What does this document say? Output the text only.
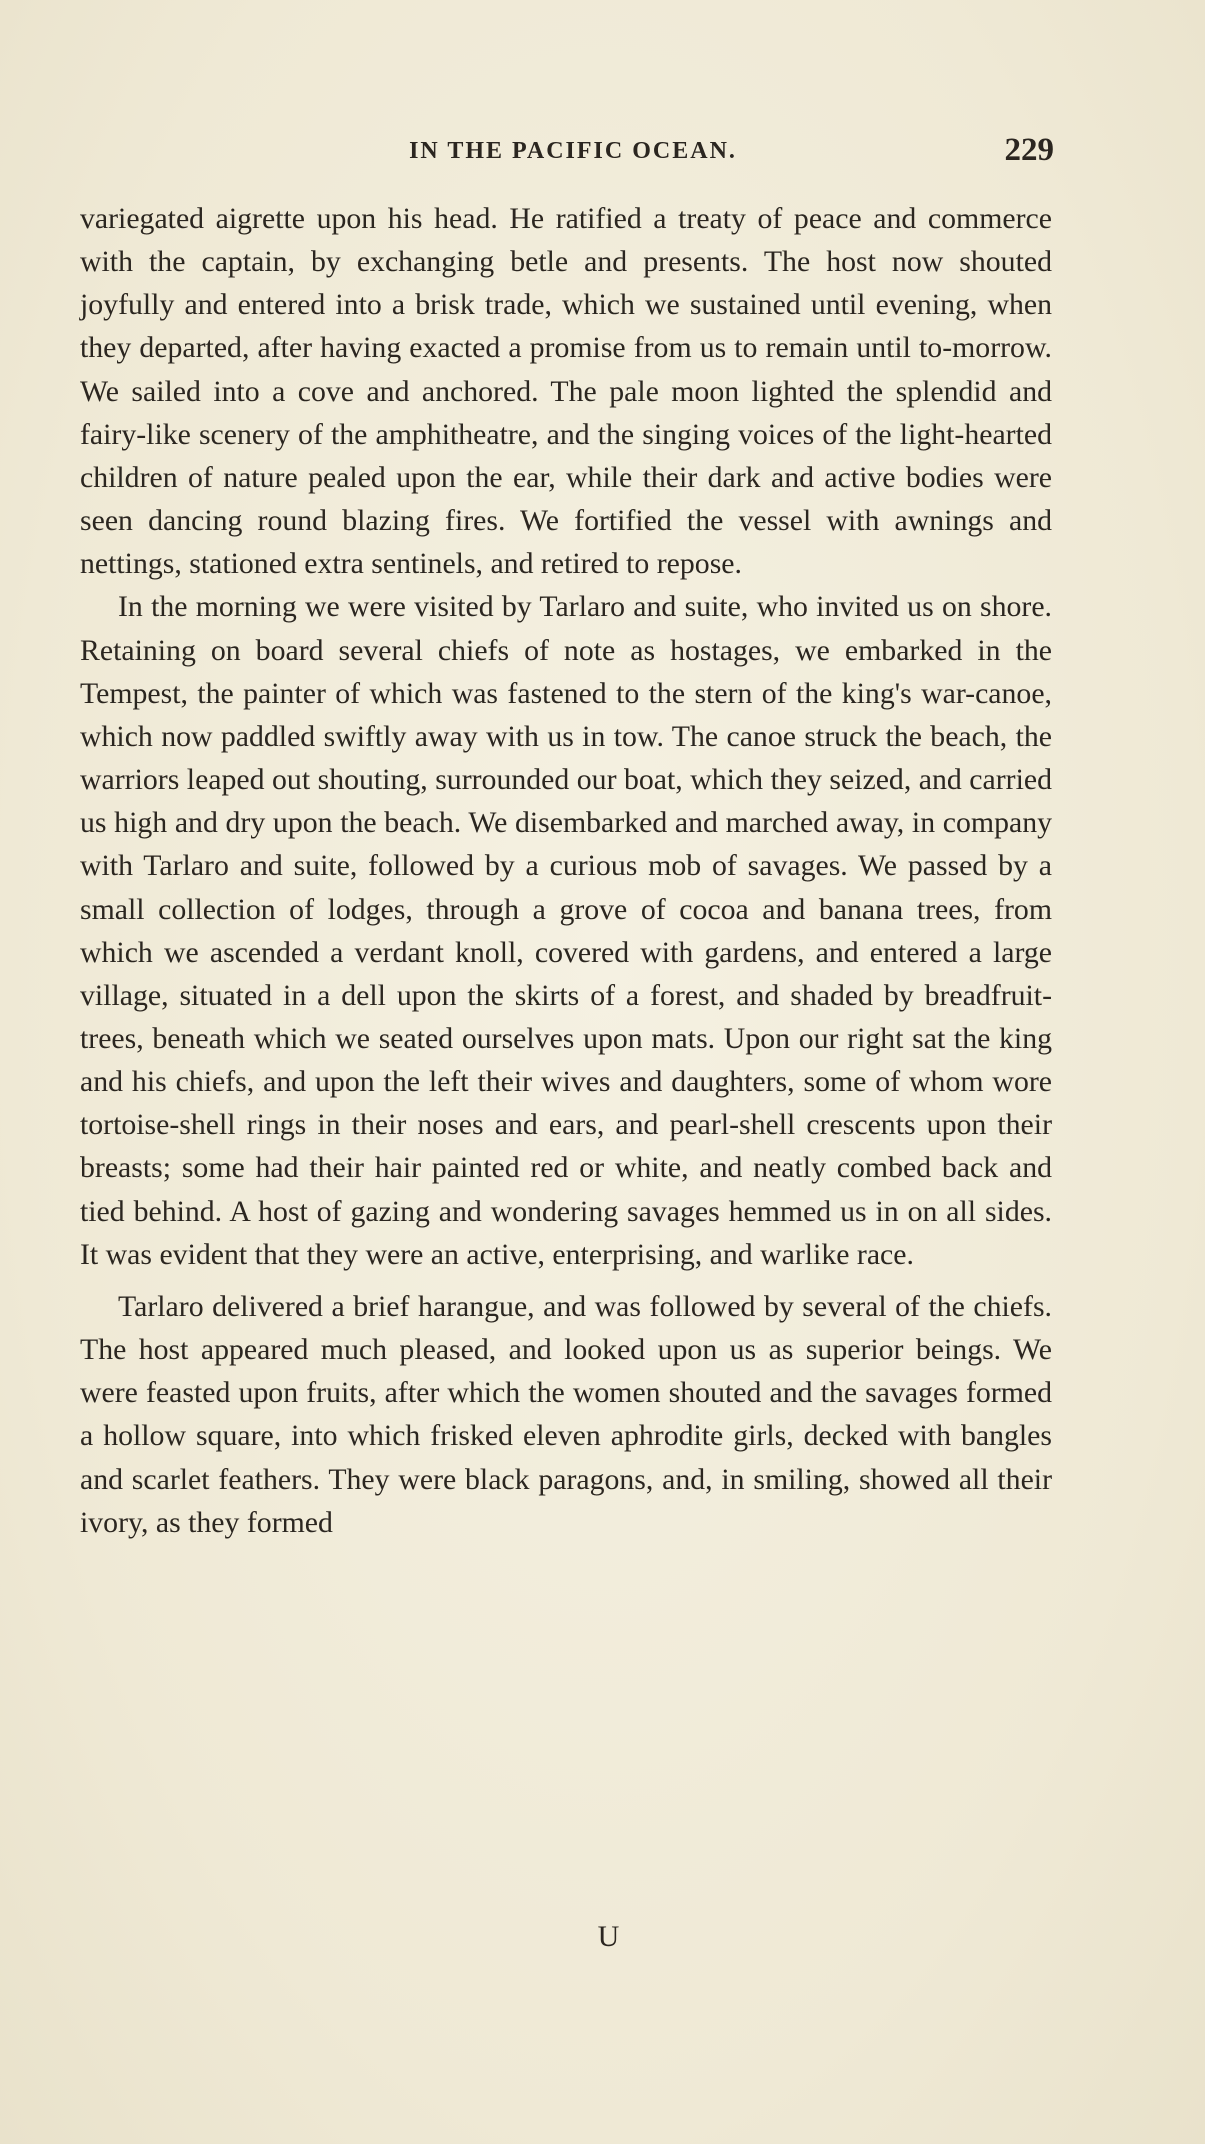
IN THE PACIFIC OCEAN.	229

variegated aigrette upon his head. He ratified a treaty of peace and commerce with the captain, by exchanging betle and presents. The host now shouted joyfully and entered into a brisk trade, which we sustained until evening, when they departed, after having exacted a promise from us to remain until to-morrow. We sailed into a cove and anchored. The pale moon lighted the splendid and fairy-like scenery of the amphitheatre, and the singing voices of the light-hearted children of nature pealed upon the ear, while their dark and active bodies were seen dancing round blazing fires. We fortified the vessel with awnings and nettings, stationed extra sentinels, and retired to repose.

In the morning we were visited by Tarlaro and suite, who invited us on shore. Retaining on board several chiefs of note as hostages, we embarked in the Tempest, the painter of which was fastened to the stern of the king's war-canoe, which now paddled swiftly away with us in tow. The canoe struck the beach, the warriors leaped out shouting, surrounded our boat, which they seized, and carried us high and dry upon the beach. We disembarked and marched away, in company with Tarlaro and suite, followed by a curious mob of savages. We passed by a small collection of lodges, through a grove of cocoa and banana trees, from which we ascended a verdant knoll, covered with gardens, and entered a large village, situated in a dell upon the skirts of a forest, and shaded by breadfruit-trees, beneath which we seated ourselves upon mats. Upon our right sat the king and his chiefs, and upon the left their wives and daughters, some of whom wore tortoise-shell rings in their noses and ears, and pearl-shell crescents upon their breasts; some had their hair painted red or white, and neatly combed back and tied behind. A host of gazing and wondering savages hemmed us in on all sides. It was evident that they were an active, enterprising, and warlike race.

Tarlaro delivered a brief harangue, and was followed by several of the chiefs. The host appeared much pleased, and looked upon us as superior beings. We were feasted upon fruits, after which the women shouted and the savages formed a hollow square, into which frisked eleven aphrodite girls, decked with bangles and scarlet feathers. They were black paragons, and, in smiling, showed all their ivory, as they formed

U
